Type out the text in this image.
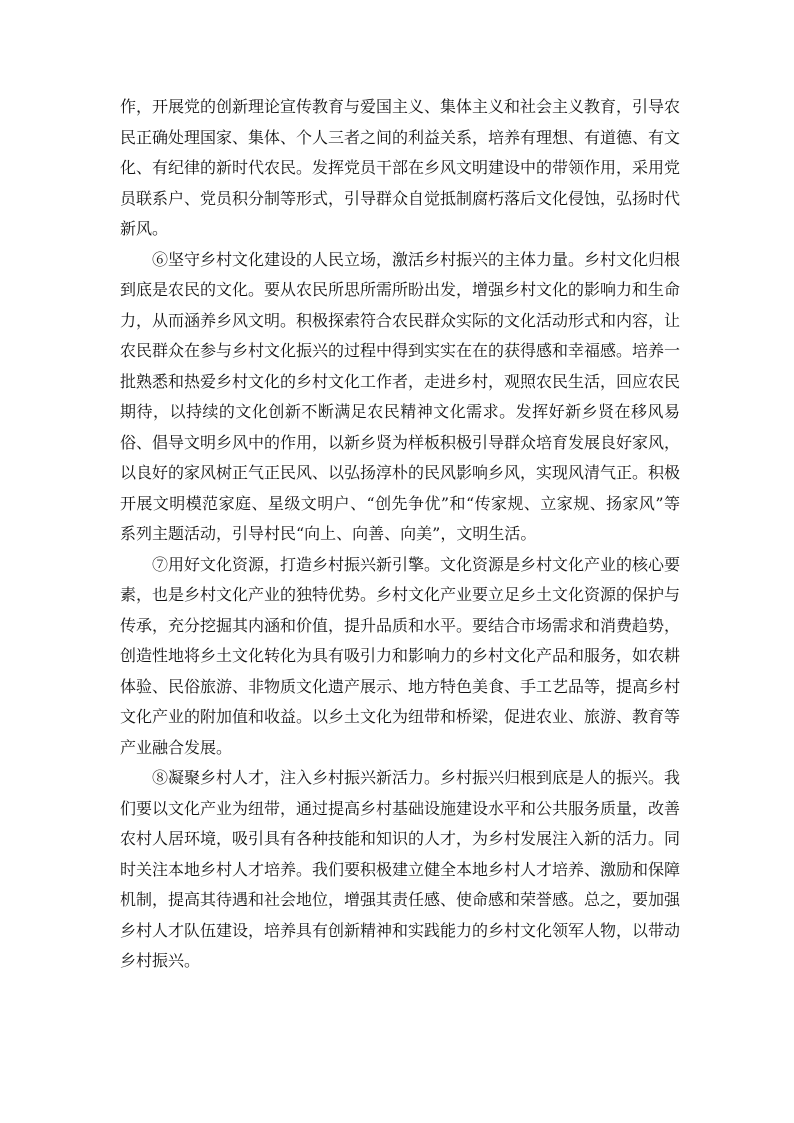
作，开展党的创新理论宣传教育与爱国主义、集体主义和社会主义教育，引导农民正确处理国家、集体、个人三者之间的利益关系，培养有理想、有道德、有文化、有纪律的新时代农民。发挥党员干部在乡风文明建设中的带领作用，采用党员联系户、党员积分制等形式，引导群众自觉抵制腐朽落后文化侵蚀，弘扬时代新风。

⑥坚守乡村文化建设的人民立场，激活乡村振兴的主体力量。乡村文化归根到底是农民的文化。要从农民所思所需所盼出发，增强乡村文化的影响力和生命力，从而涵养乡风文明。积极探索符合农民群众实际的文化活动形式和内容，让农民群众在参与乡村文化振兴的过程中得到实实在在的获得感和幸福感。培养一批熟悉和热爱乡村文化的乡村文化工作者，走进乡村，观照农民生活，回应农民期待，以持续的文化创新不断满足农民精神文化需求。发挥好新乡贤在移风易俗、倡导文明乡风中的作用，以新乡贤为样板积极引导群众培育发展良好家风，以良好的家风树正气正民风、以弘扬淳朴的民风影响乡风，实现风清气正。积极开展文明模范家庭、星级文明户、“创先争优”和“传家规、立家规、扬家风”等系列主题活动，引导村民“向上、向善、向美”，文明生活。

⑦用好文化资源，打造乡村振兴新引擎。文化资源是乡村文化产业的核心要素，也是乡村文化产业的独特优势。乡村文化产业要立足乡土文化资源的保护与传承，充分挖掘其内涵和价值，提升品质和水平。要结合市场需求和消费趋势，创造性地将乡土文化转化为具有吸引力和影响力的乡村文化产品和服务，如农耕体验、民俗旅游、非物质文化遗产展示、地方特色美食、手工艺品等，提高乡村文化产业的附加值和收益。以乡土文化为纽带和桥梁，促进农业、旅游、教育等产业融合发展。

⑧凝聚乡村人才，注入乡村振兴新活力。乡村振兴归根到底是人的振兴。我们要以文化产业为纽带，通过提高乡村基础设施建设水平和公共服务质量，改善农村人居环境，吸引具有各种技能和知识的人才，为乡村发展注入新的活力。同时关注本地乡村人才培养。我们要积极建立健全本地乡村人才培养、激励和保障机制，提高其待遇和社会地位，增强其责任感、使命感和荣誉感。总之，要加强乡村人才队伍建设，培养具有创新精神和实践能力的乡村文化领军人物，以带动乡村振兴。
